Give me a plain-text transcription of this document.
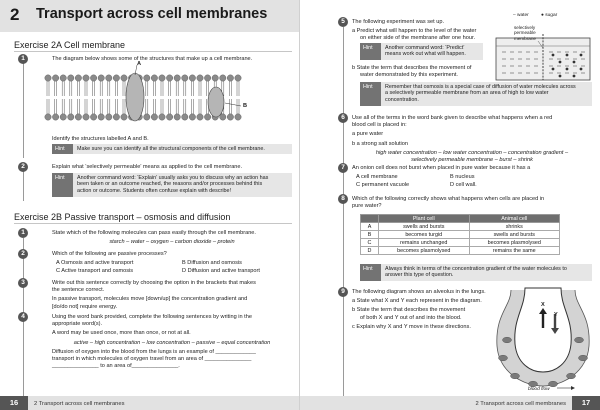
2 Transport across cell membranes
Exercise 2A Cell membrane
1	The diagram below shows some of the structures that make up a cell membrane.
A
B
Identify the structures labelled A and B.
Hint	Make sure you can identify all the structural components of the cell membrane.
2	Explain what ‘selectively permeable’ means as applied to the cell membrane.
Hint	Another command word: ‘Explain’ usually asks you to discuss why an action has
been taken or an outcome reached, the reasons and/or processes behind this
action or outcome. Students often confuse explain with describe!
Exercise 2B Passive transport – osmosis and diffusion
1	State which of the following molecules can pass easily through the cell membrane.
starch – water – oxygen – carbon dioxide – protein
2	Which of the following are passive processes?
A Osmosis and active transport	B Diffusion and osmosis
C Active transport and osmosis	D Diffusion and active transport
3	Write out this sentence correctly by choosing the option in the brackets that makes
the sentence correct.
In passive transport, molecules move [down/up] the concentration gradient and
[do/do not] require energy.
4	Using the word bank provided, complete the following sentences by writing in the
appropriate word(s).
A word may be used once, more than once, or not at all.
active – high concentration – low concentration – passive – equal concentration
Diffusion of oxygen into the blood from the lungs is an example of _____________
transport in which molecules of oxygen travel from an area of _______________
_______________ to an area of_______________.
16	2 Transport across cell membranes
5	The following experiment was set up.
a Predict what will happen to the level of the water
on either side of the membrane after one hour.
Hint	Another command word: ‘Predict’
means work out what will happen.
b State the term that describes the movement of
water demonstrated by this experiment.
– water	● sugar
selectively
permeable
membrane
Hint	Remember that osmosis is a special case of diffusion of water molecules across
a selectively permeable membrane from an area of high to low water
concentration.
6	Use all of the terms in the word bank given to describe what happens when a red
blood cell is placed in:
a pure water
b a strong salt solution
high water concentration – low water concentration – concentration gradient –
selectively permeable membrane – burst – shrink
7	An onion cell does not burst when placed in pure water because it has a
A cell membrane	B nucleus
C permanent vacuole	D cell wall.
8	Which of the following correctly shows what happens when cells are placed in
pure water?
	Plant cell	Animal cell
A	swells and bursts	shrinks
B	becomes turgid	swells and bursts
C	remains unchanged	becomes plasmolysed
D	becomes plasmolysed	remains the same
Hint	Always think in terms of the concentration gradient of the water molecules to
answer this type of question.
9	The following diagram shows an alveolus in the lungs.
a State what X and Y each represent in the diagram.
b State the term that describes the movement
of both X and Y out of and into the blood.
c Explain why X and Y move in these directions.
X
Y
blood flow
17
2 Transport across cell membranes
